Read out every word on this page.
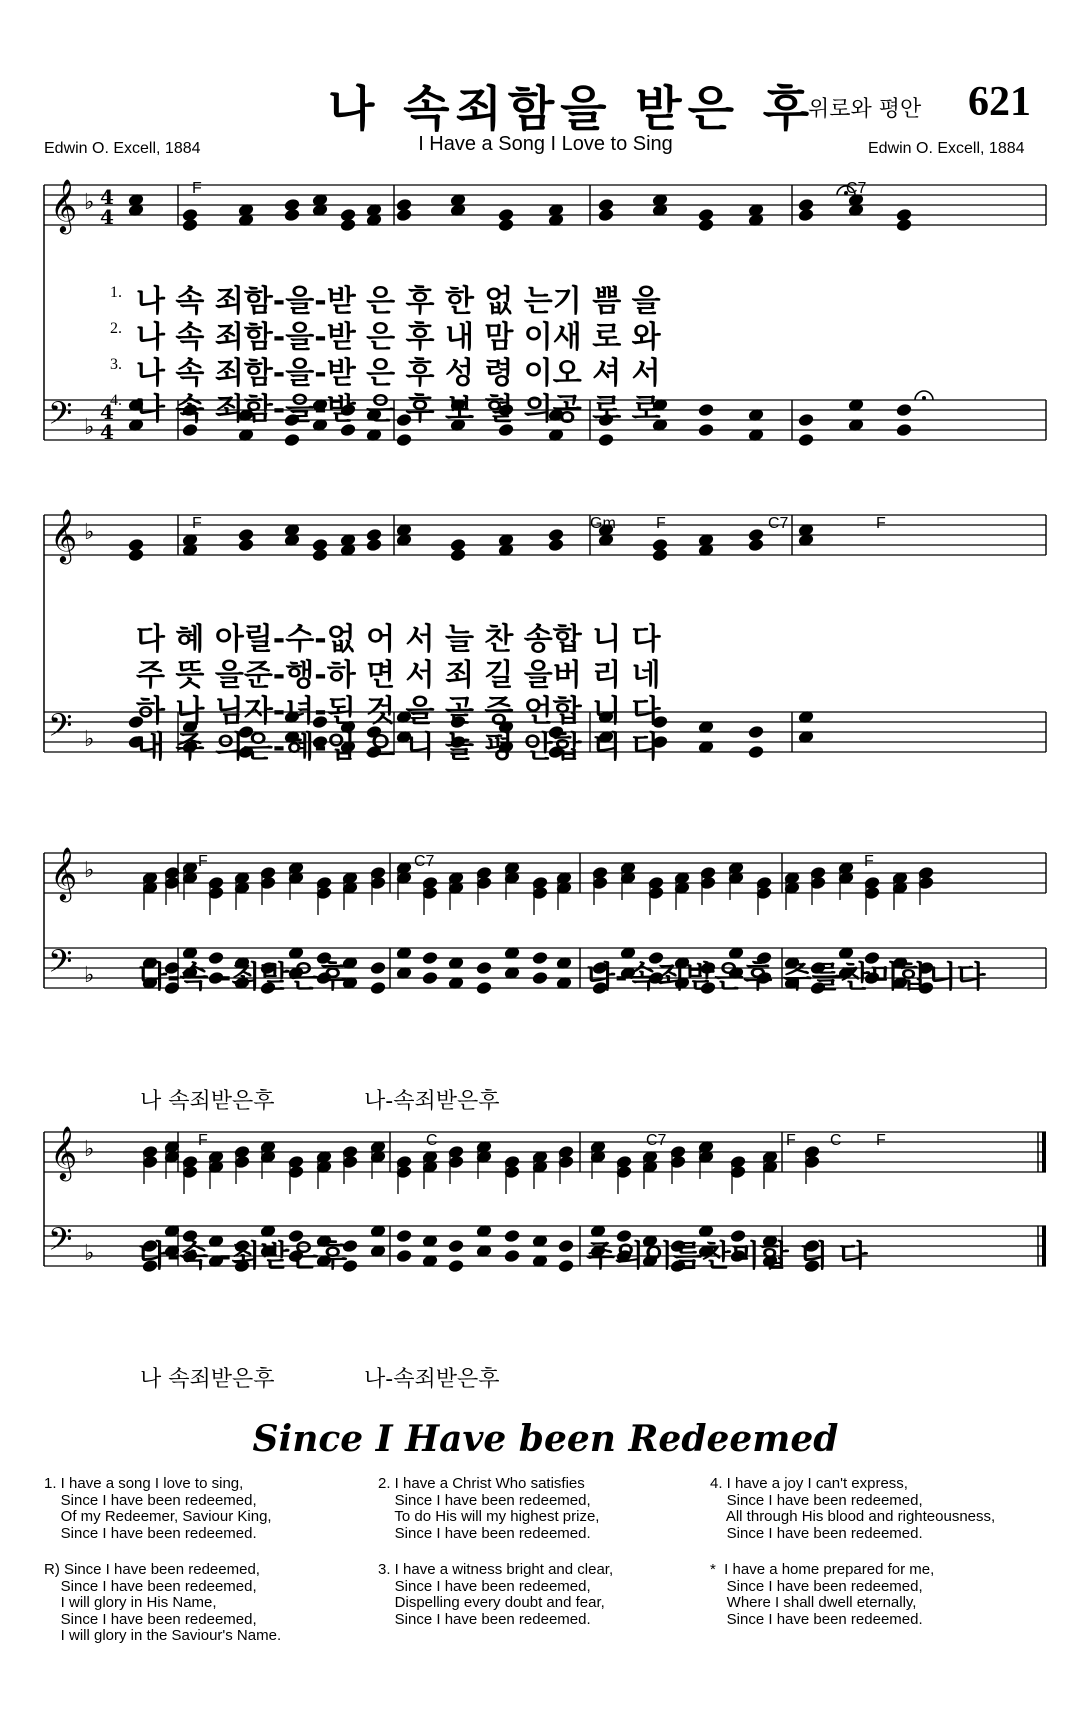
𝄞
𝄢
♭
♭
4
4
4
4
𝄞
𝄢
♭
♭
𝄞
𝄢
♭
♭
𝄞
𝄢
♭
♭
나 속죄함을 받은 후
위로와 평안 621
I Have a Song I Love to Sing
Edwin O. Excell, 1884	Edwin O. Excell, 1884
F	C7
1.
2.
3.
4.
나 속 죄함-을-받 은 후 한 없 는기 쁨 을
나 속 죄함-을-받 은 후 내 맘 이새 로 와
나 속 죄함-을-받 은 후 성 령 이오 셔 서
나 속 죄함-을-받 은 후 보 혈 의공 로 로
F	Gm	F	C7	F
다 혜 아릴-수-없 어 서 늘 찬 송합 니 다
주 뜻 을준-행-하 면 서 죄 길 을버 리 네
하 나 님자-녀-된 것 을 곧 증 언합 니 다
내 주 의은-혜-입 으 니 늘 평 안합 니 다
F	C7	F
나-속 -죄받은후	나-속죄받은후 주를찬미합니다
나 속죄받은후	나-속죄받은후
F	C	C7	F C F
나-속 -죄받은후	주의이름찬미합 니 다
나 속죄받은후	나-속죄받은후
Since I Have been Redeemed
1. I have a song I love to sing,
Since I have been redeemed,
Of my Redeemer, Saviour King,
Since I have been redeemed.
R) Since I have been redeemed,
Since I have been redeemed,
I will glory in His Name,
Since I have been redeemed,
I will glory in the Saviour's Name.
2. I have a Christ Who satisfies
Since I have been redeemed,
To do His will my highest prize,
Since I have been redeemed.
3. I have a witness bright and clear,
Since I have been redeemed,
Dispelling every doubt and fear,
Since I have been redeemed.
4. I have a joy I can't express,
Since I have been redeemed,
All through His blood and righteousness,
Since I have been redeemed.
*  I have a home prepared for me,
Since I have been redeemed,
Where I shall dwell eternally,
Since I have been redeemed.
